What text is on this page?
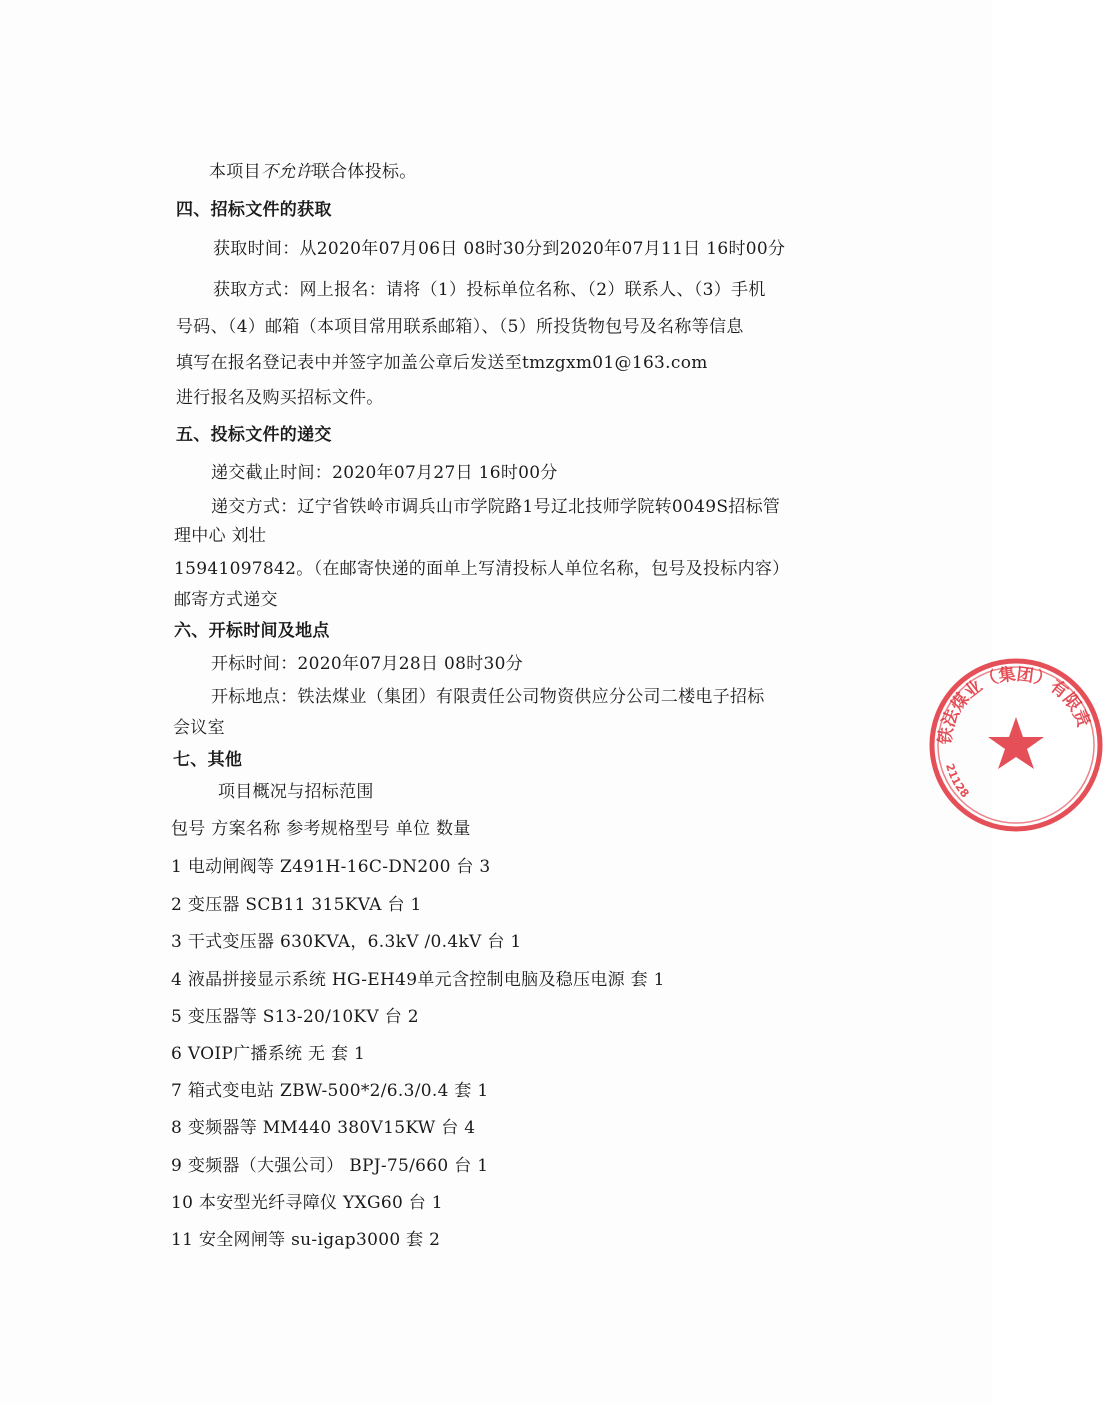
本项目不允许联合体投标。
四、招标文件的获取
获取时间：从2020年07月06日 08时30分到2020年07月11日 16时00分
获取方式：网上报名：请将（1）投标单位名称、（2）联系人、（3）手机
号码、（4）邮箱（本项目常用联系邮箱）、（5）所投货物包号及名称等信息
填写在报名登记表中并签字加盖公章后发送至tmzgxm01@163.com
进行报名及购买招标文件。
五、投标文件的递交
递交截止时间：2020年07月27日 16时00分
递交方式：辽宁省铁岭市调兵山市学院路1号辽北技师学院转0049S招标管
理中心 刘壮
15941097842。（在邮寄快递的面单上写清投标人单位名称，包号及投标内容）
邮寄方式递交
六、开标时间及地点
开标时间：2020年07月28日 08时30分
开标地点：铁法煤业（集团）有限责任公司物资供应分公司二楼电子招标
会议室
七、其他
项目概况与招标范围
包号 方案名称 参考规格型号 单位 数量
1 电动闸阀等 Z491H-16C-DN200 台 3
2 变压器 SCB11 315KVA 台 1
3 干式变压器 630KVA，6.3kV /0.4kV 台 1
4 液晶拼接显示系统 HG-EH49单元含控制电脑及稳压电源 套 1
5 变压器等 S13-20/10KV 台 2
6 VOIP广播系统 无 套 1
7 箱式变电站 ZBW-500*2/6.3/0.4 套 1
8 变频器等 MM440 380V15KW 台 4
9 变频器（大强公司） BPJ-75/660 台 1
10 本安型光纤寻障仪 YXG60 台 1
11 安全网闸等 su-igap3000 套 2
铁法煤业（集团）有限责
21128
